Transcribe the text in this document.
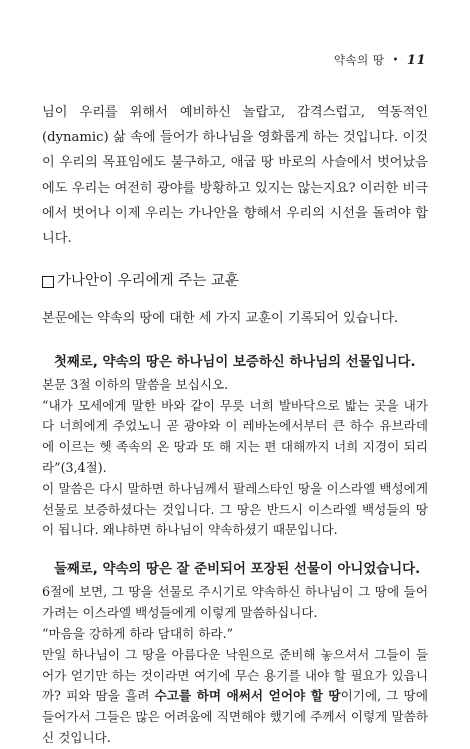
약속의 땅 • 11

님이 우리를 위해서 예비하신 놀랍고, 감격스럽고, 역동적인(dynamic) 삶 속에 들어가 하나님을 영화롭게 하는 것입니다. 이것이 우리의 목표임에도 불구하고, 애굽 땅 바로의 사슬에서 벗어났음에도 우리는 여전히 광야를 방황하고 있지는 않는지요? 이러한 비극에서 벗어나 이제 우리는 가나안을 향해서 우리의 시선을 돌려야 합니다.

가나안이 우리에게 주는 교훈

본문에는 약속의 땅에 대한 세 가지 교훈이 기록되어 있습니다.

첫째로, 약속의 땅은 하나님이 보증하신 하나님의 선물입니다.

본문 3절 이하의 말씀을 보십시오.
“내가 모세에게 말한 바와 같이 무릇 너희 발바닥으로 밟는 곳을 내가 다 너희에게 주었노니 곧 광야와 이 레바논에서부터 큰 하수 유브라데에 이르는 헷 족속의 온 땅과 또 해 지는 편 대해까지 너희 지경이 되리라”(3,4절).
이 말씀은 다시 말하면 하나님께서 팔레스타인 땅을 이스라엘 백성에게 선물로 보증하셨다는 것입니다. 그 땅은 반드시 이스라엘 백성들의 땅이 됩니다. 왜냐하면 하나님이 약속하셨기 때문입니다.

둘째로, 약속의 땅은 잘 준비되어 포장된 선물이 아니었습니다.

6절에 보면, 그 땅을 선물로 주시기로 약속하신 하나님이 그 땅에 들어가려는 이스라엘 백성들에게 이렇게 말씀하십니다.
“마음을 강하게 하라 담대히 하라.”
만일 하나님이 그 땅을 아름다운 낙원으로 준비해 놓으셔서 그들이 들어가 얻기만 하는 것이라면 여기에 무슨 용기를 내야 할 필요가 있읍니까? 피와 땀을 흘려 수고를 하며 애써서 얻어야 할 땅이기에, 그 땅에 들어가서 그들은 많은 어려움에 직면해야 했기에 주께서 이렇게 말씀하신 것입니다.
